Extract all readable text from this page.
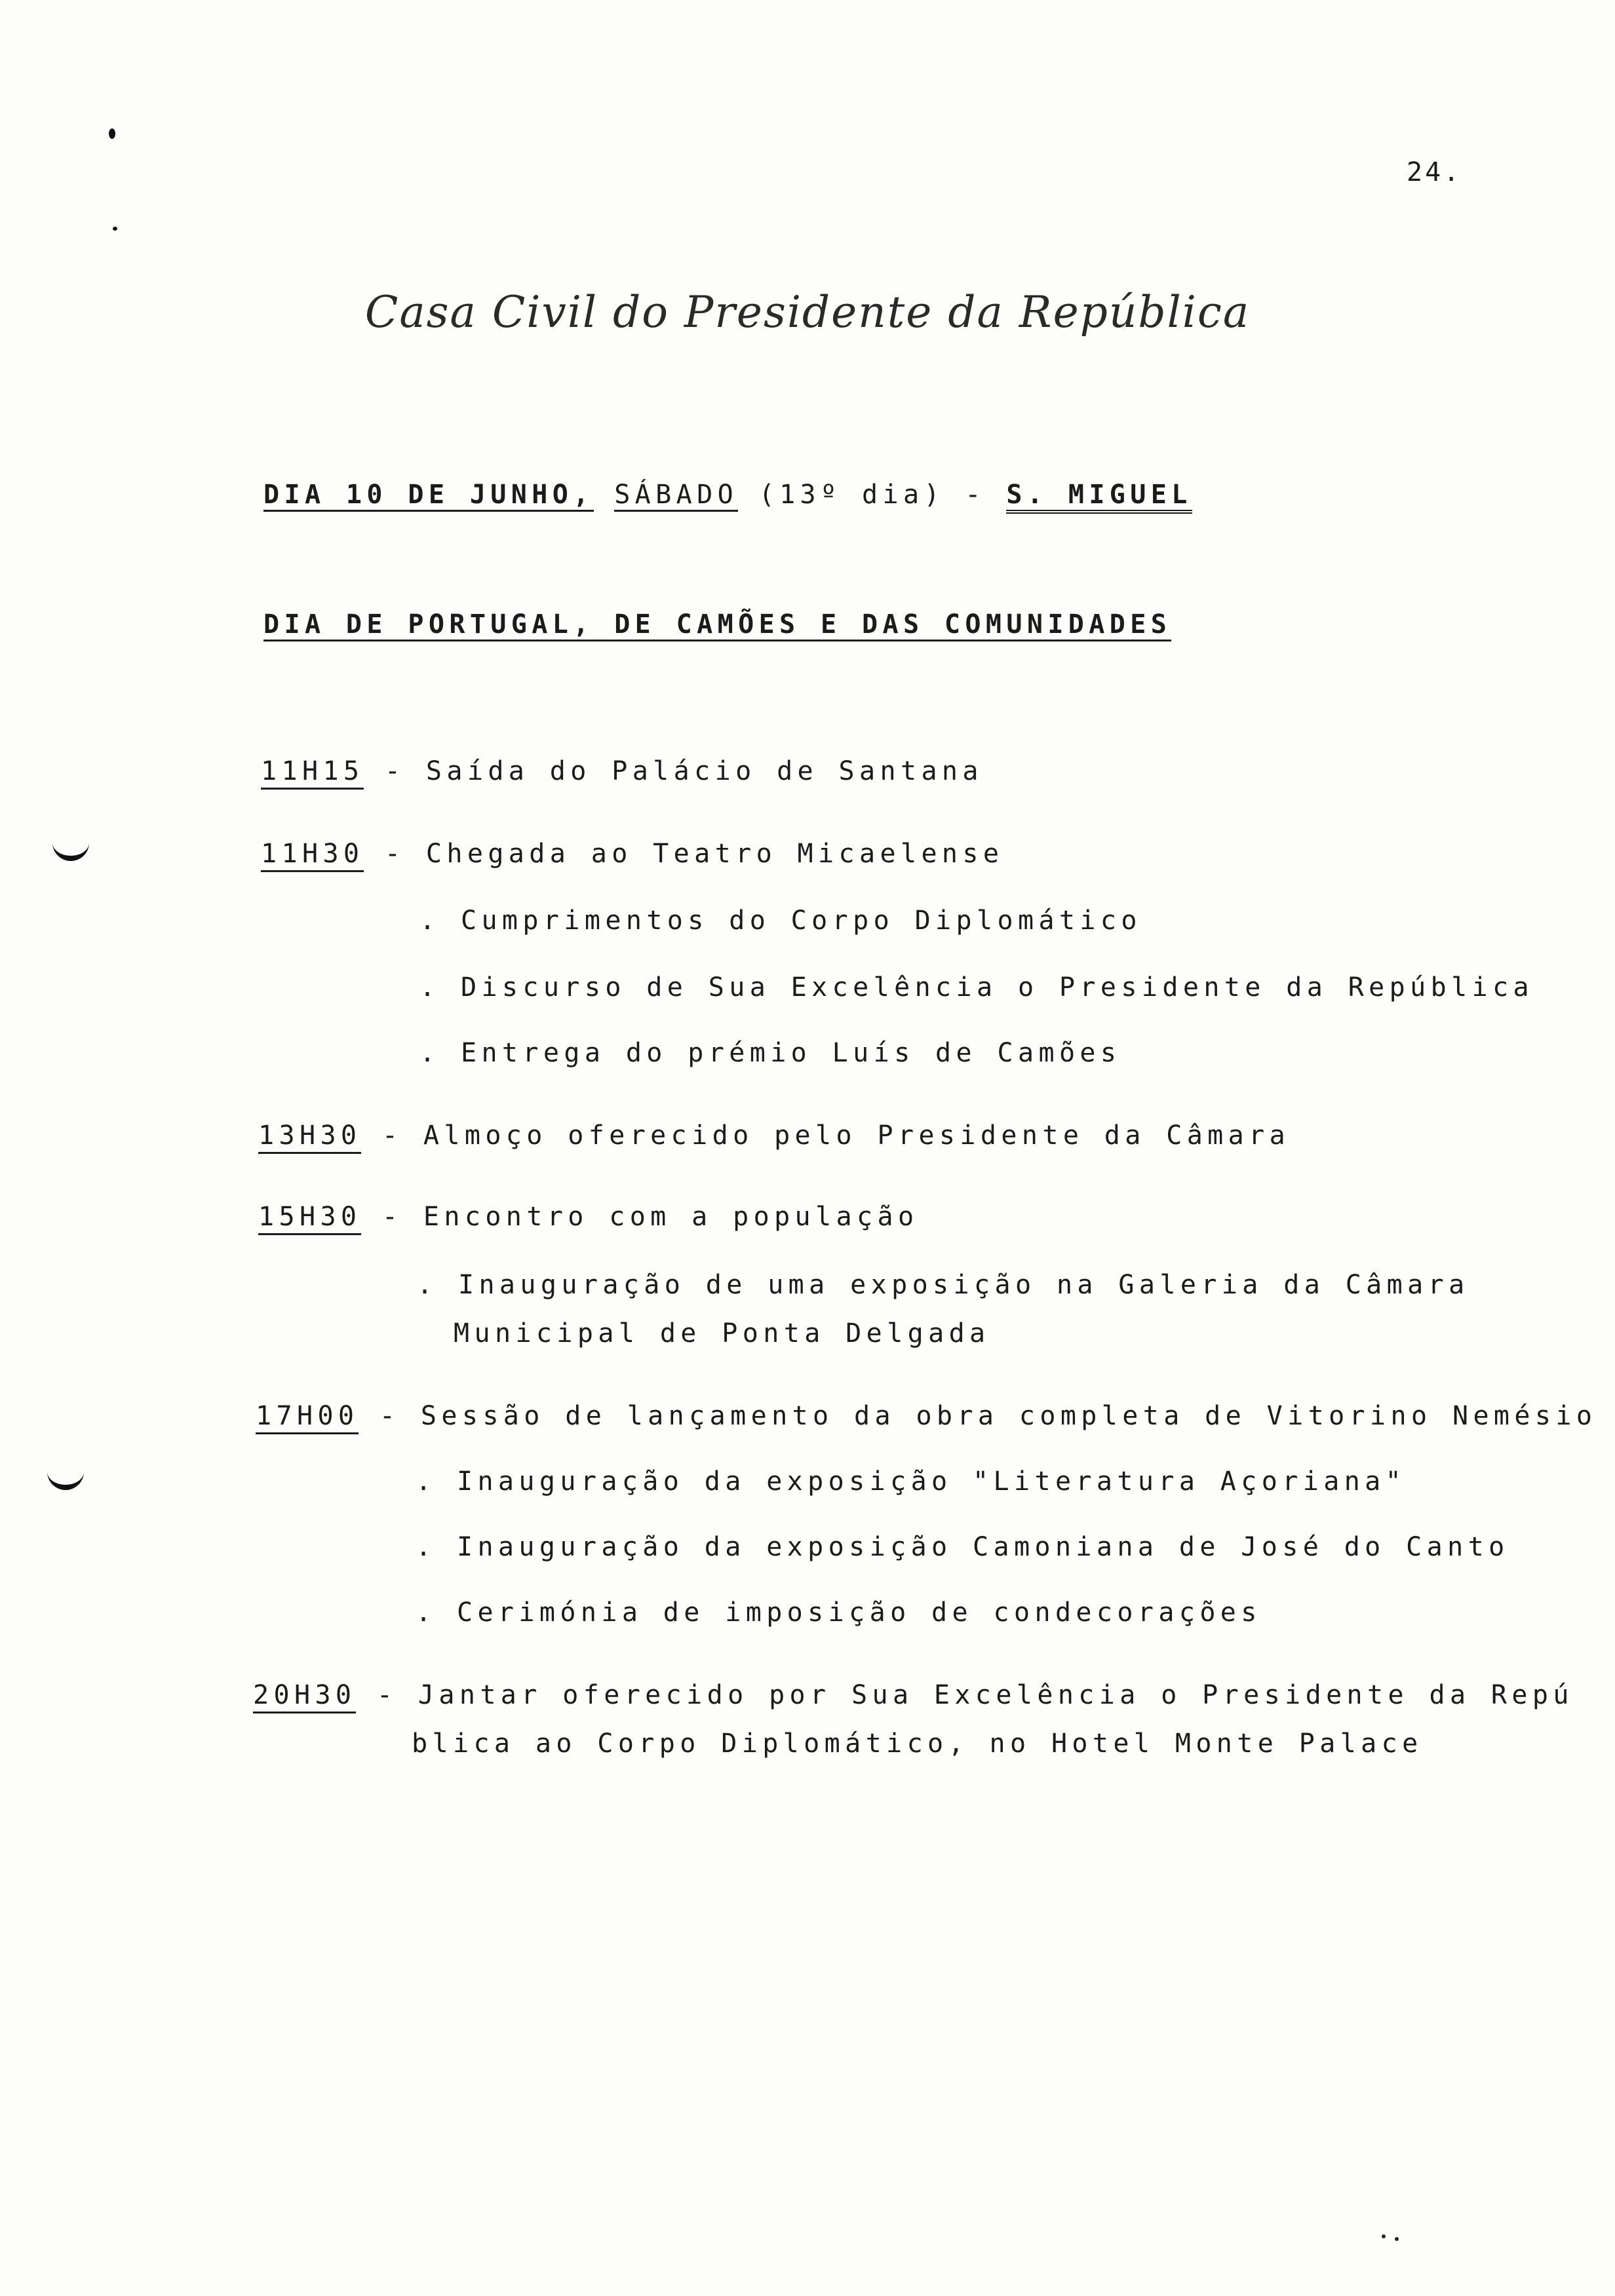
24.
Casa Civil do Presidente da República
DIA 10 DE JUNHO, SÁBADO (13º dia) - S. MIGUEL
DIA DE PORTUGAL, DE CAMÕES E DAS COMUNIDADES
11H15 - Saída do Palácio de Santana
11H30 - Chegada ao Teatro Micaelense
. Cumprimentos do Corpo Diplomático
. Discurso de Sua Excelência o Presidente da República
. Entrega do prémio Luís de Camões
13H30 - Almoço oferecido pelo Presidente da Câmara
15H30 - Encontro com a população
. Inauguração de uma exposição na Galeria da Câmara
Municipal de Ponta Delgada
17H00 - Sessão de lançamento da obra completa de Vitorino Nemésio
. Inauguração da exposição "Literatura Açoriana"
. Inauguração da exposição Camoniana de José do Canto
. Cerimónia de imposição de condecorações
20H30 - Jantar oferecido por Sua Excelência o Presidente da Repú
blica ao Corpo Diplomático, no Hotel Monte Palace
